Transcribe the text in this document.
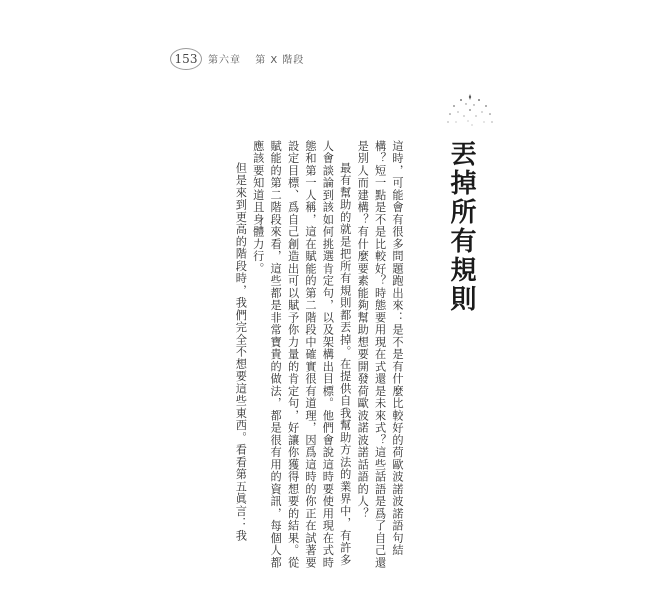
153	第六章 第 X 階段
丟掉所有規則

這時，可能會有很多問題跑出來：是不是有什麼比較好的荷歐波諾波諾語句結構？短一點是不是比較好？時態要用現在式還是未來式？這些話語是爲了自己還是別人而建構？有什麼要素能夠幫助想要開發荷歐波諾波諾話語的人？

最有幫助的就是把所有規則都丟掉。在提供自我幫助方法的業界中，有許多人會談論到該如何挑選肯定句，以及架構出目標。他們會說這時要使用現在式時態和第一人稱，這在賦能的第二階段中確實很有道理，因爲這時的你正在試著要設定目標、爲自己創造出可以賦予你力量的肯定句，好讓你獲得想要的結果。從賦能的第二階段來看，這些都是非常寶貴的做法，都是很有用的資訊，每個人都應該要知道且身體力行。

但是來到更高的階段時，我們完全不想要這些東西。看看第五眞言：我
